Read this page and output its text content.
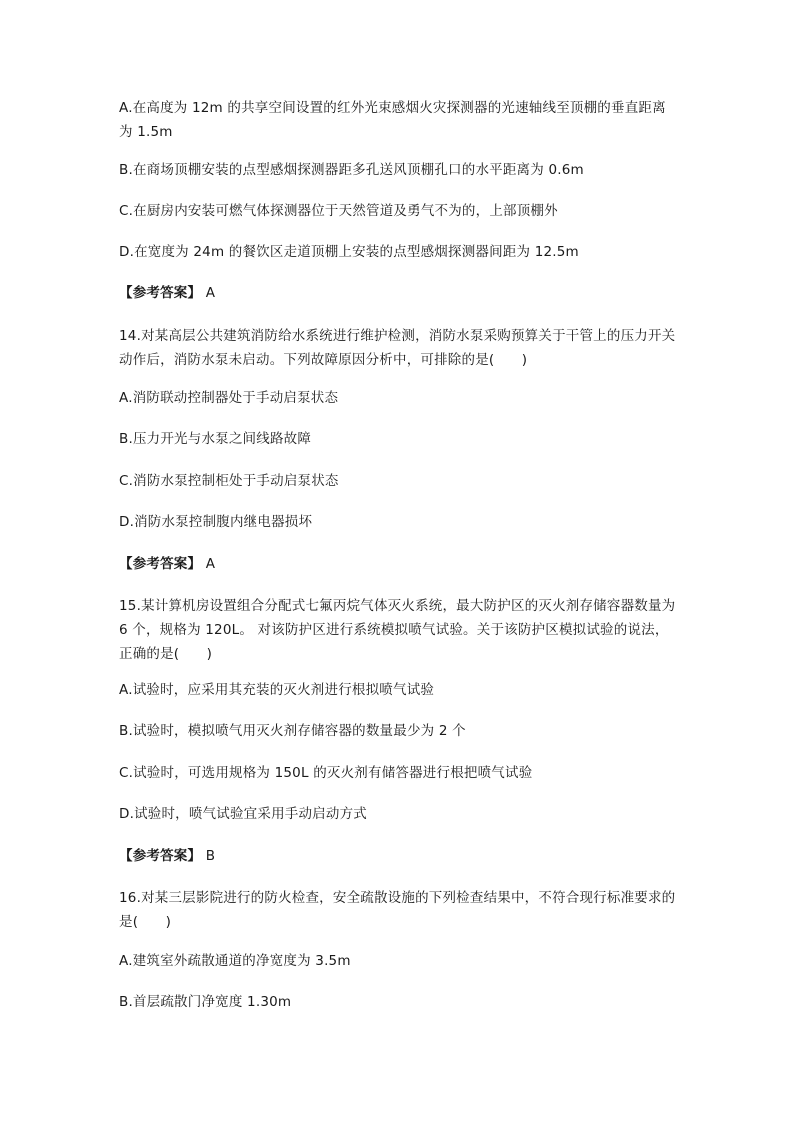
A.在高度为 12m 的共享空间设置的红外光束感烟火灾探测器的光速轴线至顶棚的垂直距离为 1.5m

B.在商场顶棚安装的点型感烟探测器距多孔送风顶棚孔口的水平距离为 0.6m

C.在厨房内安装可燃气体探测器位于天然管道及勇气不为的，上部顶棚外

D.在宽度为 24m 的餐饮区走道顶棚上安装的点型感烟探测器间距为 12.5m

【参考答案】 A

14.对某高层公共建筑消防给水系统进行维护检测，消防水泵采购预算关于干管上的压力开关动作后，消防水泵未启动。下列故障原因分析中，可排除的是(　　)

A.消防联动控制器处于手动启泵状态

B.压力开光与水泵之间线路故障

C.消防水泵控制柜处于手动启泵状态

D.消防水泵控制腹内继电器损坏

【参考答案】 A

15.某计算机房设置组合分配式七氟丙烷气体灭火系统，最大防护区的灭火剂存储容器数量为 6 个，规格为 120L。 对该防护区进行系统模拟喷气试验。关于该防护区模拟试验的说法，正确的是(　　)

A.试验时，应采用其充装的灭火剂进行根拟喷气试验

B.试验时，模拟喷气用灭火剂存储容器的数量最少为 2 个

C.试验时，可选用规格为 150L 的灭火剂有储答器进行根把喷气试验

D.试验时，喷气试验宜采用手动启动方式

【参考答案】 B

16.对某三层影院进行的防火检查，安全疏散设施的下列检查结果中，不符合现行标准要求的是(　　)

A.建筑室外疏散通道的净宽度为 3.5m

B.首层疏散门净宽度 1.30m
